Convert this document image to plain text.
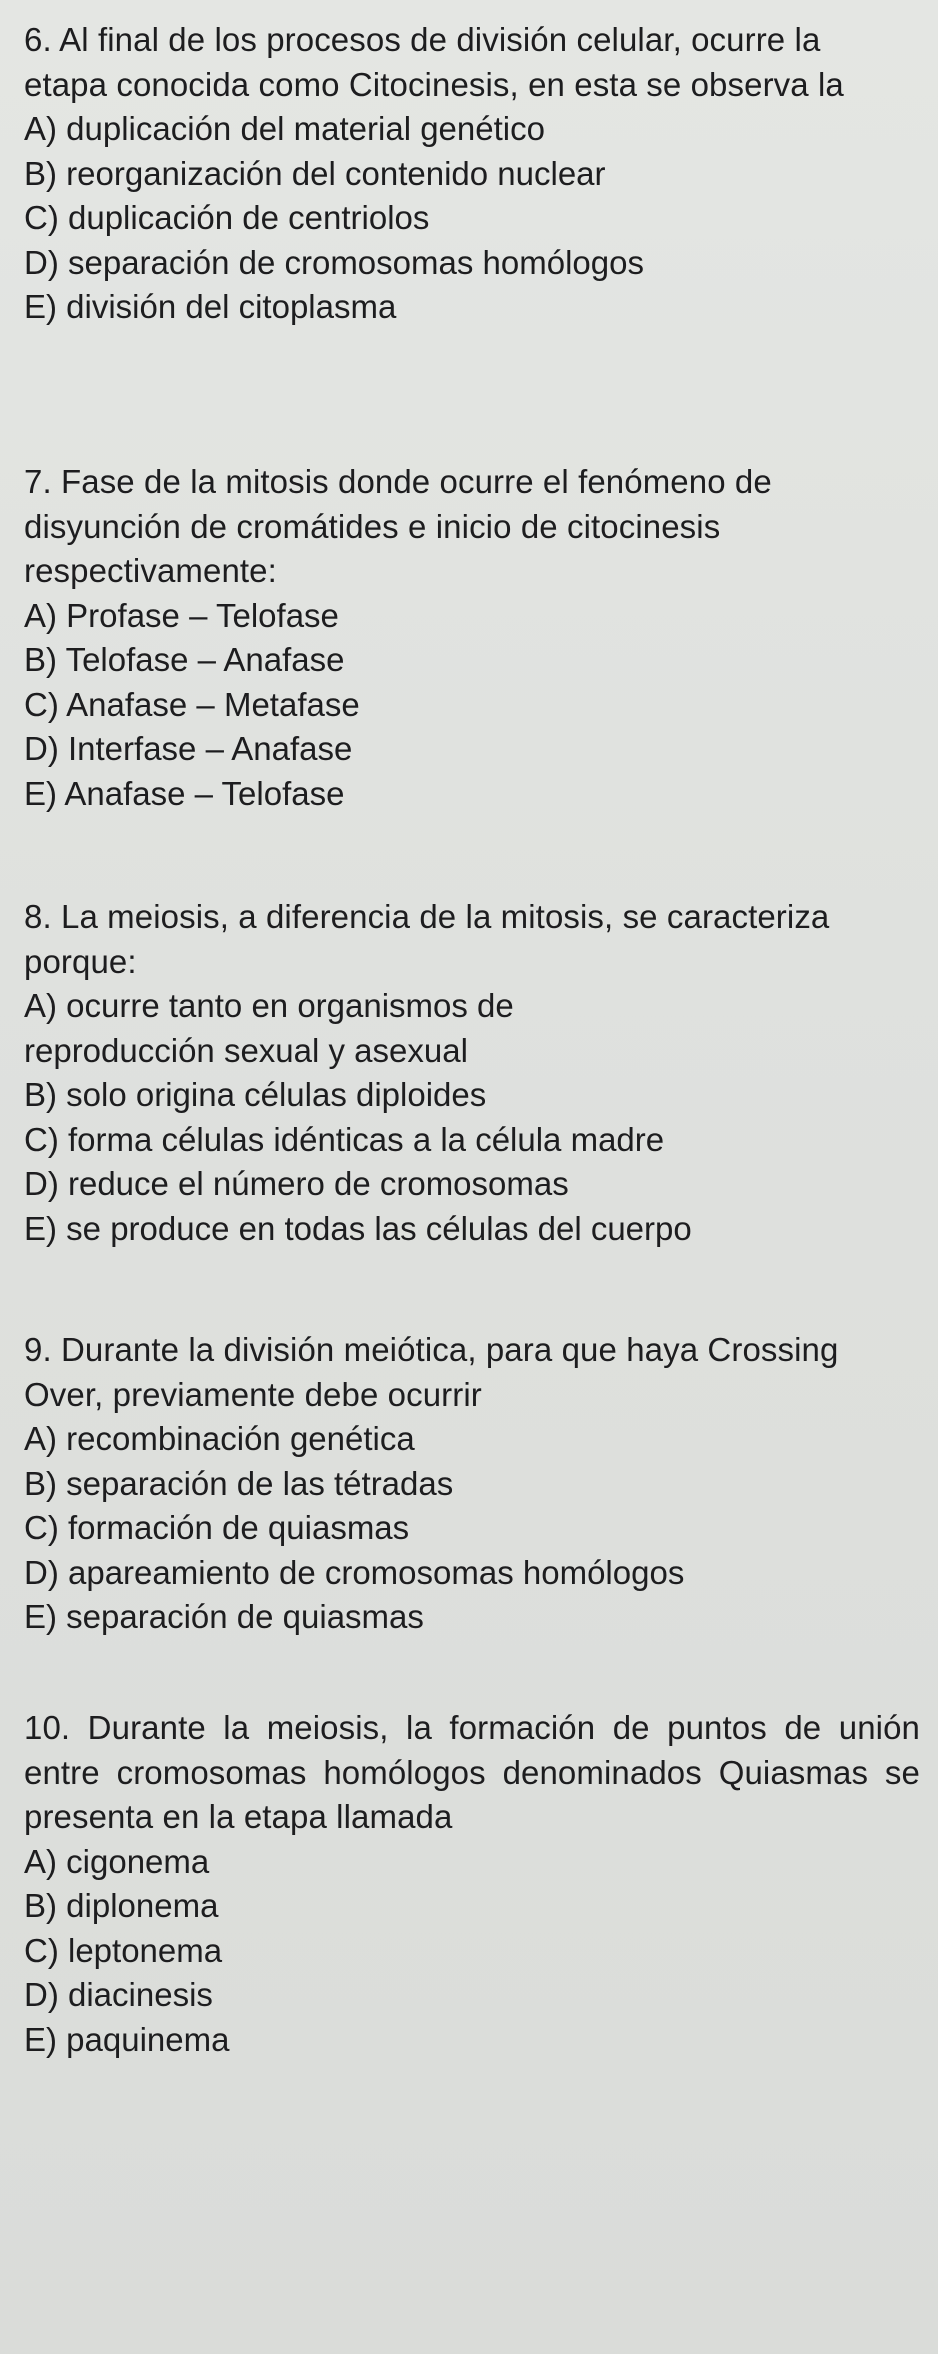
6. Al final de los procesos de división celular, ocurre la etapa conocida como Citocinesis, en esta se observa la
A) duplicación del material genético
B) reorganización del contenido nuclear
C) duplicación de centriolos
D) separación de cromosomas homólogos
E) división del citoplasma
7. Fase de la mitosis donde ocurre el fenómeno de disyunción de cromátides e inicio de citocinesis respectivamente:
A) Profase – Telofase
B) Telofase – Anafase
C) Anafase – Metafase
D) Interfase – Anafase
E) Anafase – Telofase
8. La meiosis, a diferencia de la mitosis, se caracteriza porque:
A) ocurre tanto en organismos de reproducción sexual y asexual
B) solo origina células diploides
C) forma células idénticas a la célula madre
D) reduce el número de cromosomas
E) se produce en todas las células del cuerpo
9. Durante la división meiótica, para que haya Crossing Over, previamente debe ocurrir
A) recombinación genética
B) separación de las tétradas
C) formación de quiasmas
D) apareamiento de cromosomas homólogos
E) separación de quiasmas
10. Durante la meiosis, la formación de puntos de unión entre cromosomas homólogos denominados Quiasmas se presenta en la etapa llamada
A) cigonema
B) diplonema
C) leptonema
D) diacinesis
E) paquinema
